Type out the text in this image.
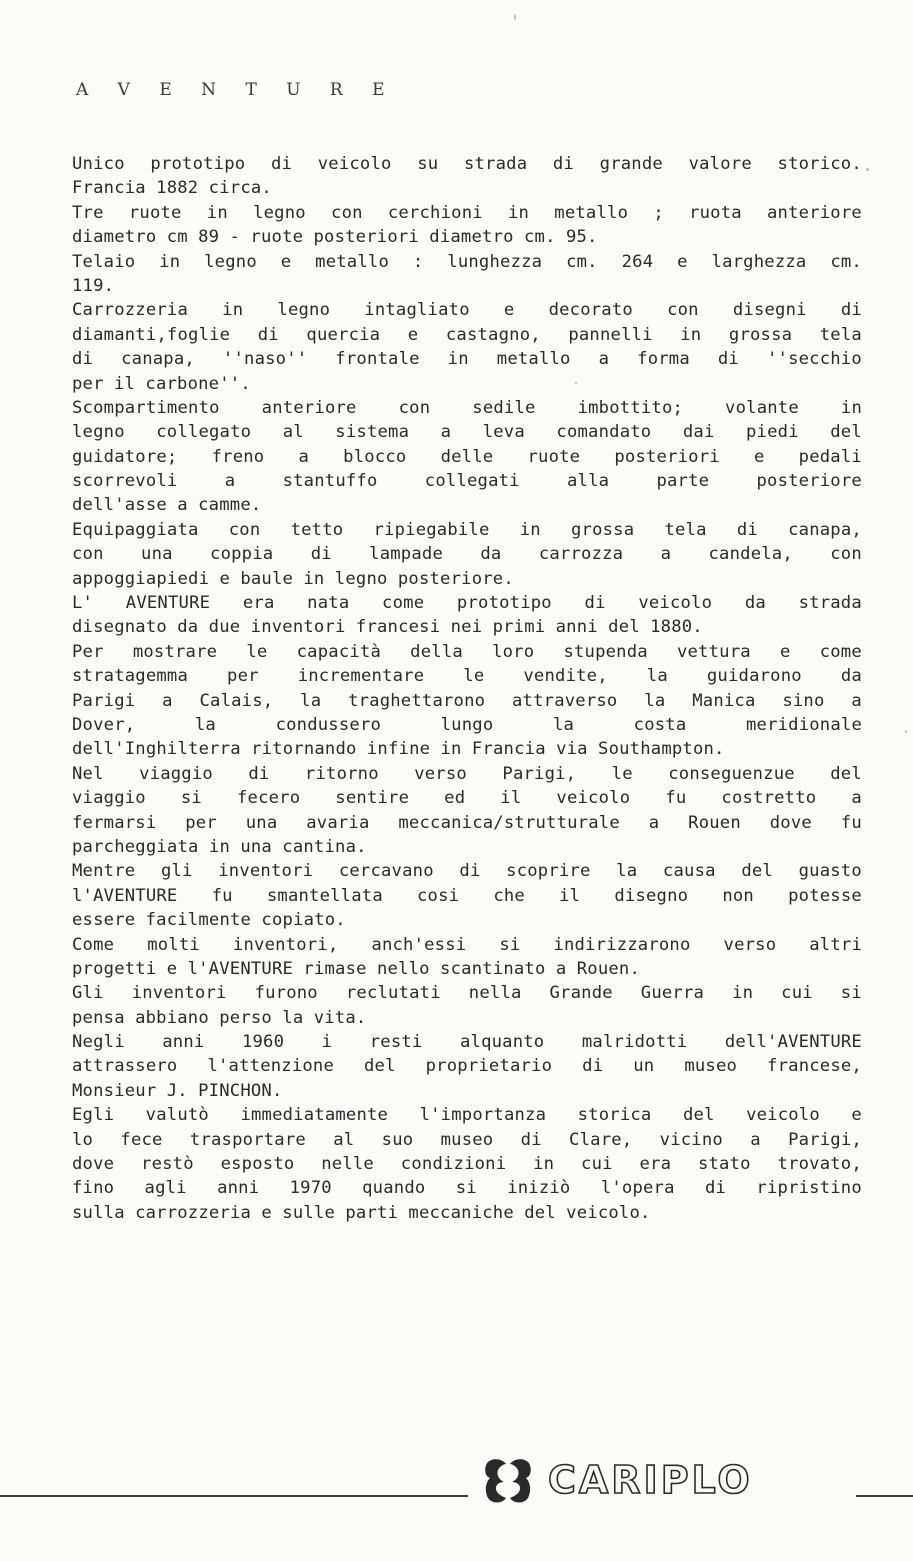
A V E N T U R E
Unico prototipo di veicolo su strada di grande valore storico.
Francia 1882 circa.
Tre ruote in legno con cerchioni in metallo ; ruota anteriore
diametro cm 89 - ruote posteriori diametro cm. 95.
Telaio in legno e metallo : lunghezza cm. 264 e larghezza cm.
119.
Carrozzeria in legno intagliato e decorato con disegni di
diamanti,foglie di quercia e castagno, pannelli in grossa tela
di canapa, ''naso'' frontale in metallo a forma di ''secchio
per il carbone''.
Scompartimento anteriore con sedile imbottito; volante in
legno collegato al sistema a leva comandato dai piedi del
guidatore; freno a blocco delle ruote posteriori e pedali
scorrevoli	a	stantuffo	collegati	alla	parte	posteriore
dell'asse a camme.
Equipaggiata con tetto ripiegabile in grossa tela di canapa,
con una coppia di lampade da carrozza a candela, con
appoggiapiedi e baule in legno posteriore.
L' AVENTURE era nata come prototipo di veicolo da strada
disegnato da due inventori francesi nei primi anni del 1880.
Per mostrare le capacità della loro stupenda vettura e come
stratagemma per incrementare le vendite, la guidarono da
Parigi a Calais, la traghettarono attraverso la Manica sino a
Dover,	la	condussero	lungo	la	costa	meridionale
dell'Inghilterra ritornando infine in Francia via Southampton.
Nel viaggio di ritorno verso Parigi, le conseguenzue del
viaggio si fecero sentire ed il veicolo fu costretto a
fermarsi per una avaria meccanica/strutturale a Rouen dove fu
parcheggiata in una cantina.
Mentre gli inventori cercavano di scoprire la causa del guasto
l'AVENTURE fu smantellata cosi che il disegno non potesse
essere facilmente copiato.
Come molti inventori, anch'essi si indirizzarono verso altri
progetti e l'AVENTURE rimase nello scantinato a Rouen.
Gli inventori furono reclutati nella Grande Guerra in cui si
pensa abbiano perso la vita.
Negli anni 1960 i resti alquanto malridotti dell'AVENTURE
attrassero l'attenzione del proprietario di un museo francese,
Monsieur J. PINCHON.
Egli valutò immediatamente l'importanza storica del veicolo e
lo fece trasportare al suo museo di Clare, vicino a Parigi,
dove restò esposto nelle condizioni in cui era stato trovato,
fino agli anni 1970 quando si iniziò l'opera di ripristino
sulla carrozzeria e sulle parti meccaniche del veicolo.
CARIPLO
